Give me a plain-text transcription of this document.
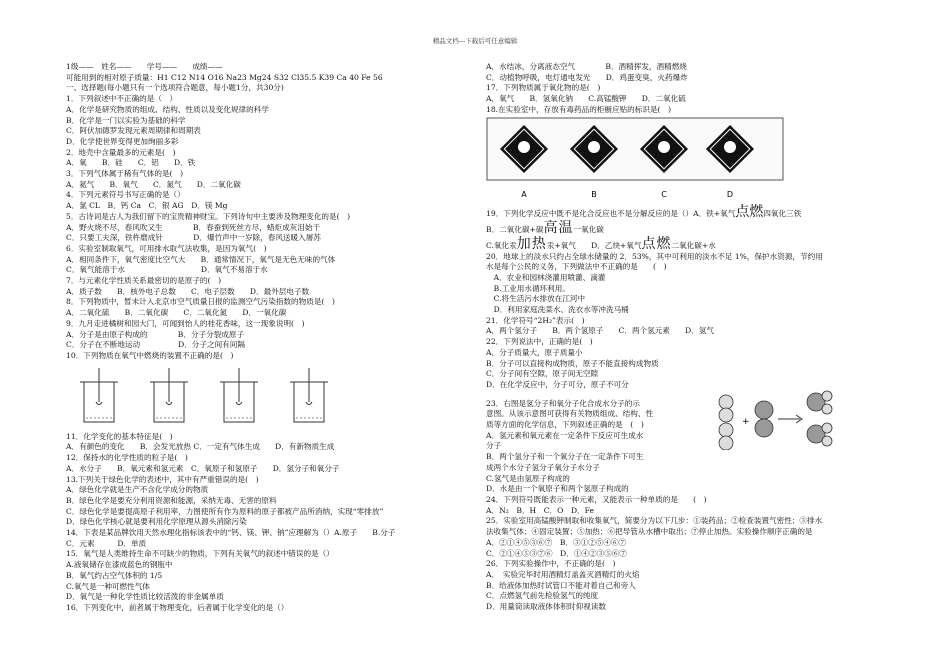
精品文档---下载后可任意编辑
1级——　姓名——　　学号——　　成绩——
可能用到的相对原子质量：H1 C12 N14 O16 Na23 Mg24 S32 Cl35.5 K39 Ca 40 Fe 56
一、选择题(每小题只有一个选项符合题意，每小题1分，共30分)
1．下列叙述中不正确的是（　）
A．化学是研究物质的组成、结构、性质以及变化规律的科学
B．化学是一门以实验为基础的科学
C．阿伏加德罗发现元素周期律和周期表
D．化学使世界变得更加绚丽多彩
2．地壳中含量最多的元素是(　)
A．氧　　B．硅　　C．铝　　D．铁
3．下列气体属于稀有气体的是(　)
A．氦气　　B．氧气　　C．氮气　　D．二氧化碳
4．下列元素符号书写正确的是（）
A．氯 CL　B．钙 Ca　C．银 AG　D．镁 Mg
5．古诗词是古人为我们留下的宝贵精神财宝。下列诗句中主要涉及物理变化的是(　)
A．野火烧不尽，春风吹又生　　　　B．春蚕到死丝方尽，蜡炬成灰泪始干
C．只要工夫深，铁杵磨成针　　　　D．爆竹声中一岁除，春风送暖入屠苏
6．实验室制取氧气，可用排水取气法收集，是因为氧气(　)
A．相同条件下，氧气密度比空气大　　B．通常情况下，氧气是无色无味的气体
C．氧气能溶于水　　　　　　　　　　D．氧气不易溶于水
7．与元素化学性质关系最密切的是原子的(　)
A．质子数　　B．核外电子总数　　C．电子层数　　D．最外层电子数
8．下列物质中，暂未计入北京市空气质量日报的监测空气污染指数的物质是(　)
A．二氧化硫　　B．二氧化碳　　C．二氧化氮　　D．一氧化碳
9．九月走进橘树和园大门，可闻到怡人的桂花香味，这一现象说明(　)
A．分子是由原子构成的　　　　B．分子分裂成原子
C．分子在不断地运动　　　　　D．分子之间有间隔
10．下列物质在氧气中燃烧的装置不正确的是(　)
11．化学变化的基本特征是(　)
A．有颜色的变化　　B．会发光放热 C．一定有气体生成　　D．有新物质生成
12．保持水的化学性质的粒子是(　)
A．水分子　　B．氧元素和氢元素　C．氧原子和氢原子　　D．氢分子和氧分子
13.下列关于绿色化学的表述中，其中有严重错误的是(　)
A．绿色化学就是生产不含化学成分的物质
B．绿色化学是要充分利用资源和能源，采纳无毒、无害的原料
C．绿色化学是要提高原子利用率，力图使所有作为原料的原子都被产品所消纳，实现“零排放”
D．绿色化学核心就是要利用化学原理从源头消除污染
14．下表是某品牌饮用天然水理化指标该表中的“钙、镁、钾、钠”应理解为（）A.原子　　B.分子
C．元素　　　D．单质
15．氧气是人类维持生命不可缺少的物质，下列有关氧气的叙述中错误的是（）
A.液氧储存在漆成蓝色的钢瓶中
B．氧气约占空气体积的 1/5
C.氧气是一种可燃性气体
D．氧气是一种化学性质比较活泼的非金属单质
16．下列变化中，前者属于物理变化，后者属于化学变化的是（）
A．水结冰，分离液态空气　　　　B．酒精挥发，酒精燃烧
C．动植物呼吸，电灯通电发光　　D．鸡蛋变臭，火药爆炸
17．下列物质属于氧化物的是(　)
A．氧气　　B．氢氧化钠　　C.高锰酸钾　　D．二氧化硫
18.在实验室中，存放有毒药品的柜橱应贴的标识是(　)
A	B	C	D
19．下列化学反应中既不是化合反应也不是分解反应的是（）A．铁+氧气点燃四氧化三铁
B．二氧化碳+碳高温一氧化碳
C.氧化汞加热汞+氧气　　D．乙炔+氧气点燃二氧化碳+水
20．地球上的淡水只约占全球水储量的 2．53%，其中可利用的淡水不足 1%，保护水资源，节约用
水是每个公民的义务，下列做法中不正确的是　　(　)
　A．农业和园林浇灌用喷灌、滴灌
　B.工业用水循环利用。
　C.将生活污水排放在江河中
　D．利用家庭洗菜水、洗衣水等冲洗马桶
21．化学符号“2H₂”表示(　)
A．两个氢分子　　B．两个氢原子　　C．两个氢元素　　D．氢气
22．下列说法中，正确的是(　)
A．分子质量大，原子质量小
B．分子可以直接构成物质，原子不能直接构成物质
C．分子间有空隙，原子间无空隙
D．在化学反应中，分子可分，原子不可分
23．右图是氢分子和氧分子化合成水分子的示
意图。从该示意图可获得有关物质组成、结构、性
质等方面的化学信息，下列叙述正确的是　(　)
A．氢元素和氧元素在一定条件下反应可生成水
分子
B．两个氢分子和一个氧分子在一定条件下可生
成两个水分子氢分子氧分子水分子
C.氢气是由氢原子构成的
D．水是由一个氧原子和两个氢原子构成的
24．下列符号既能表示一种元素，又能表示一种单质的是　　(　)
A．N₂　B．H　C．O　D．Fe
25．实验室用高锰酸钾制取和收集氧气，简要分为以下几步：①装药品；②检查装置气密性；③排水
法收集气体；④固定装置；⑤加热；⑥把导管从水槽中取出；⑦停止加热。实验操作顺序正确的是
A．②①④⑤③⑥⑦　B．③①②⑤④⑥⑦
C．②①④⑤③⑦⑥　D．①④②③⑤⑥⑦
26．下列实验操作中，不正确的是(　)
A．　实验完毕时用酒精灯盖盖灭酒精灯的火焰
B．给液体加热时试管口不能对着自己和旁人
C．点燃氢气前先检验氢气的纯度
D．用量筒读取液体体积时仰视读数
+
